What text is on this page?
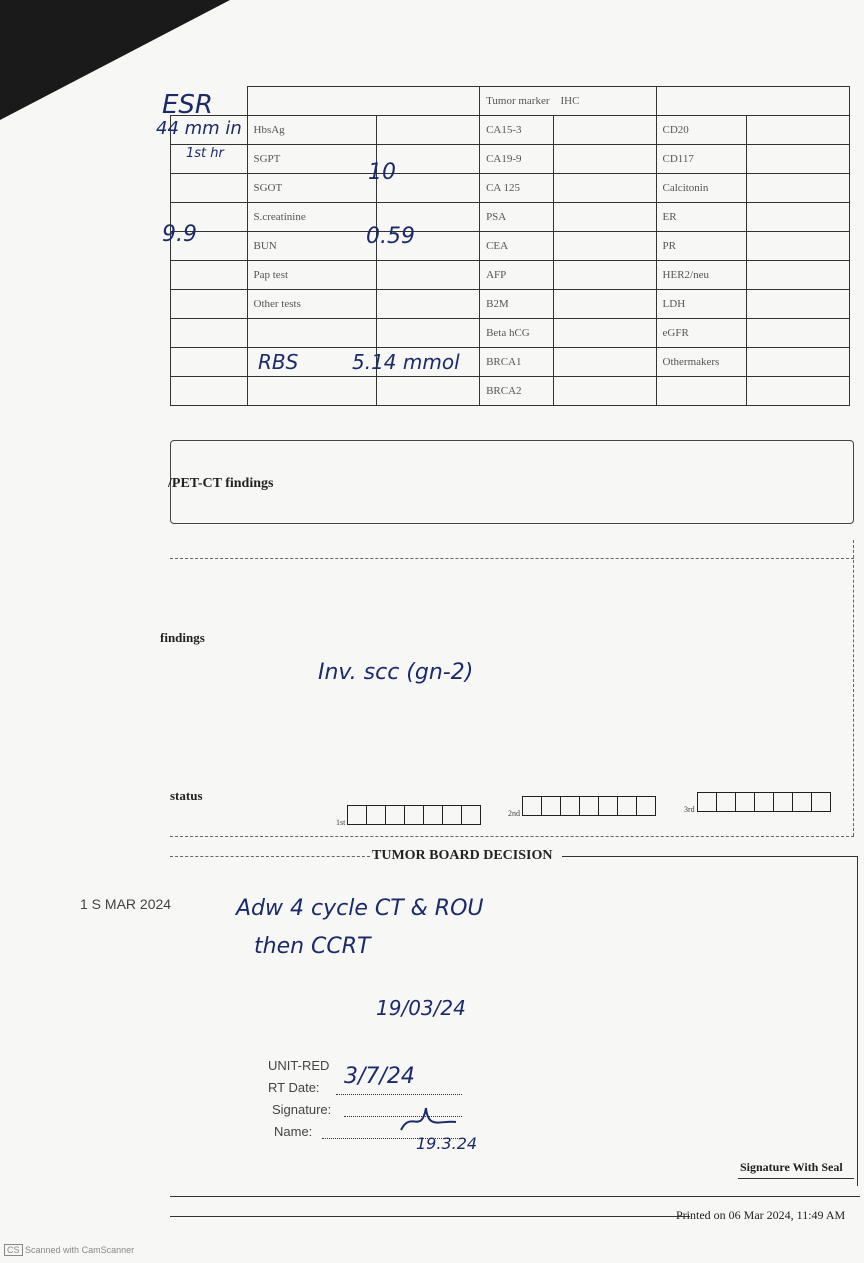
			Tumor marker IHC			
	HbsAg		CA15-3		CD20	
	SGPT		CA19-9		CD117	
	SGOT		CA 125		Calcitonin	
	S.creatinine		PSA		ER	
	BUN		CEA		PR	
	Pap test		AFP		HER2/neu	
	Other tests		B2M		LDH	
			Beta hCG		eGFR	
			BRCA1		Othermakers	
			BRCA2			
ESR
44 mm in
1st hr
9.9
10
0.59
RBS	5.14 mmol
/PET-CT findings
findings
status
Inv. scc (gn-2)
1st
2nd	3rd
TUMOR BOARD DECISION
1 S MAR 2024	Adw 4 cycle CT & ROU
then CCRT
19/03/24
UNIT-RED
RT Date: 3/7/24
Signature:
Name:
19.3.24
Signature With Seal
Printed on 06 Mar 2024, 11:49 AM
CS Scanned with CamScanner
